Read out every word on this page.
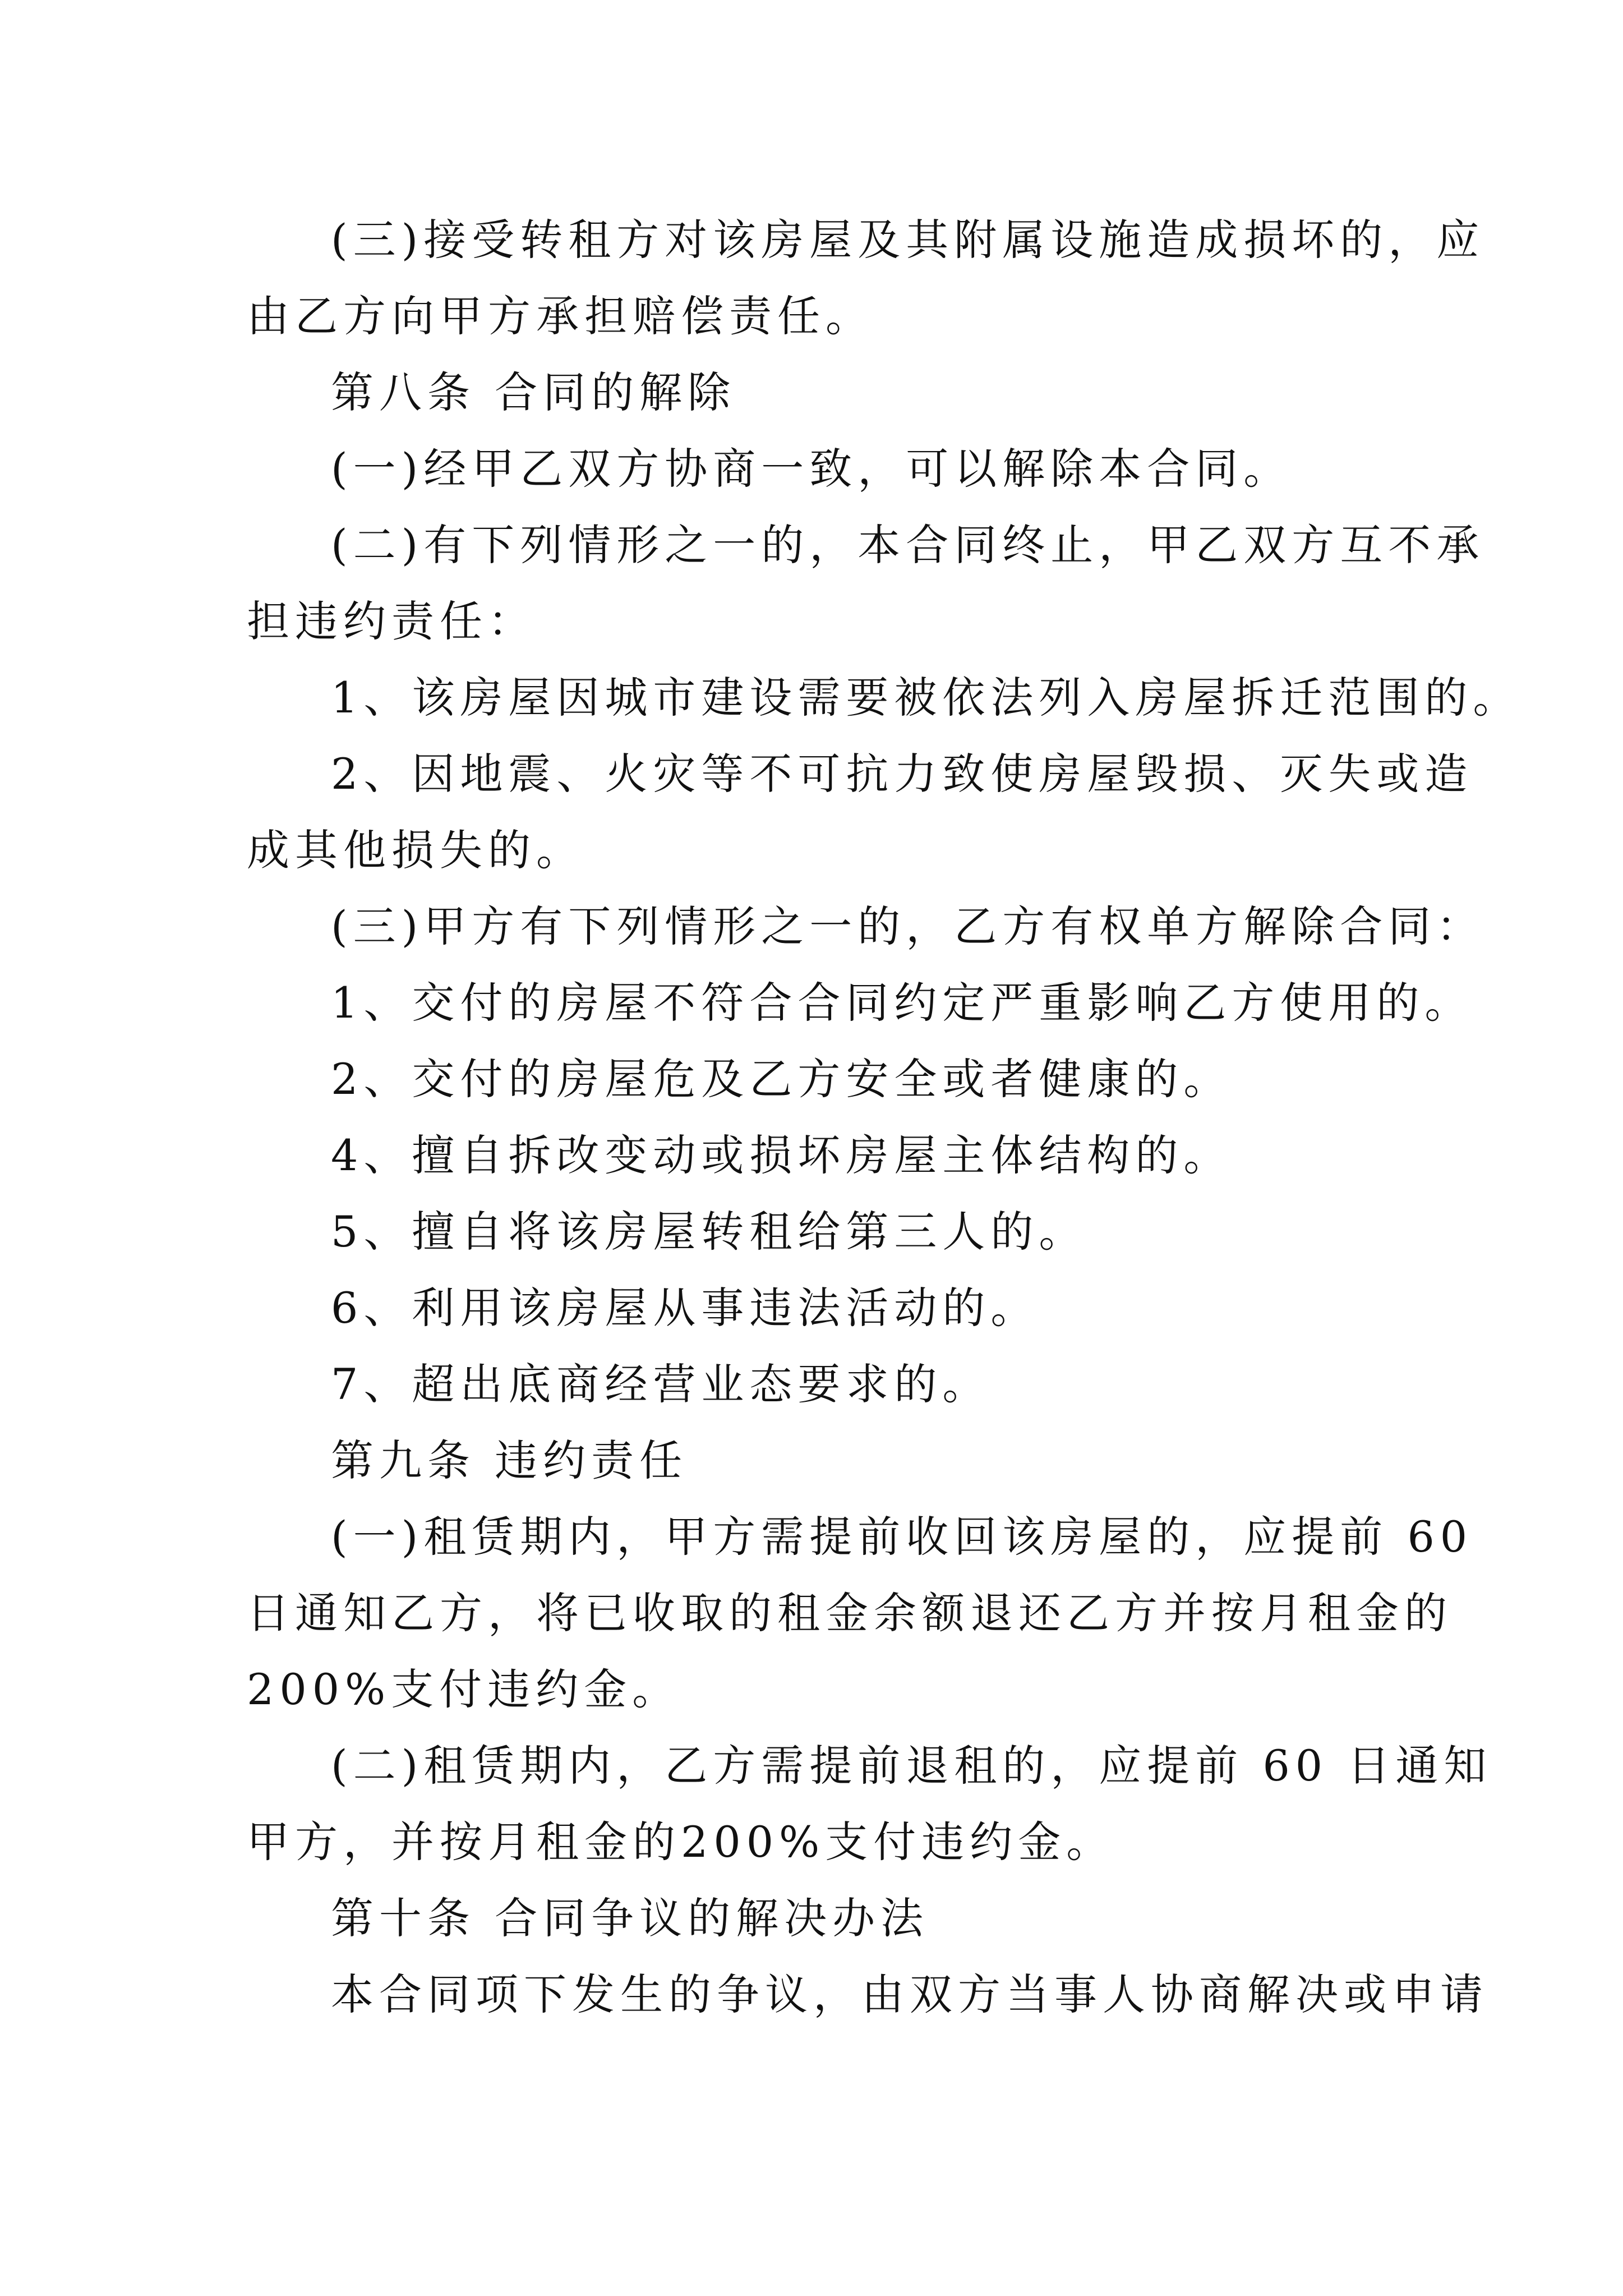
(三)接受转租方对该房屋及其附属设施造成损坏的，应
由乙方向甲方承担赔偿责任。
第八条 合同的解除
(一)经甲乙双方协商一致，可以解除本合同。
(二)有下列情形之一的，本合同终止，甲乙双方互不承
担违约责任：
1、该房屋因城市建设需要被依法列入房屋拆迁范围的。
2、因地震、火灾等不可抗力致使房屋毁损、灭失或造
成其他损失的。
(三)甲方有下列情形之一的，乙方有权单方解除合同：
1、交付的房屋不符合合同约定严重影响乙方使用的。
2、交付的房屋危及乙方安全或者健康的。
4、擅自拆改变动或损坏房屋主体结构的。
5、擅自将该房屋转租给第三人的。
6、利用该房屋从事违法活动的。
7、超出底商经营业态要求的。
第九条 违约责任
(一)租赁期内，甲方需提前收回该房屋的，应提前 60
日通知乙方，将已收取的租金余额退还乙方并按月租金的
200%支付违约金。
(二)租赁期内，乙方需提前退租的，应提前 60 日通知
甲方，并按月租金的200%支付违约金。
第十条 合同争议的解决办法
本合同项下发生的争议，由双方当事人协商解决或申请
